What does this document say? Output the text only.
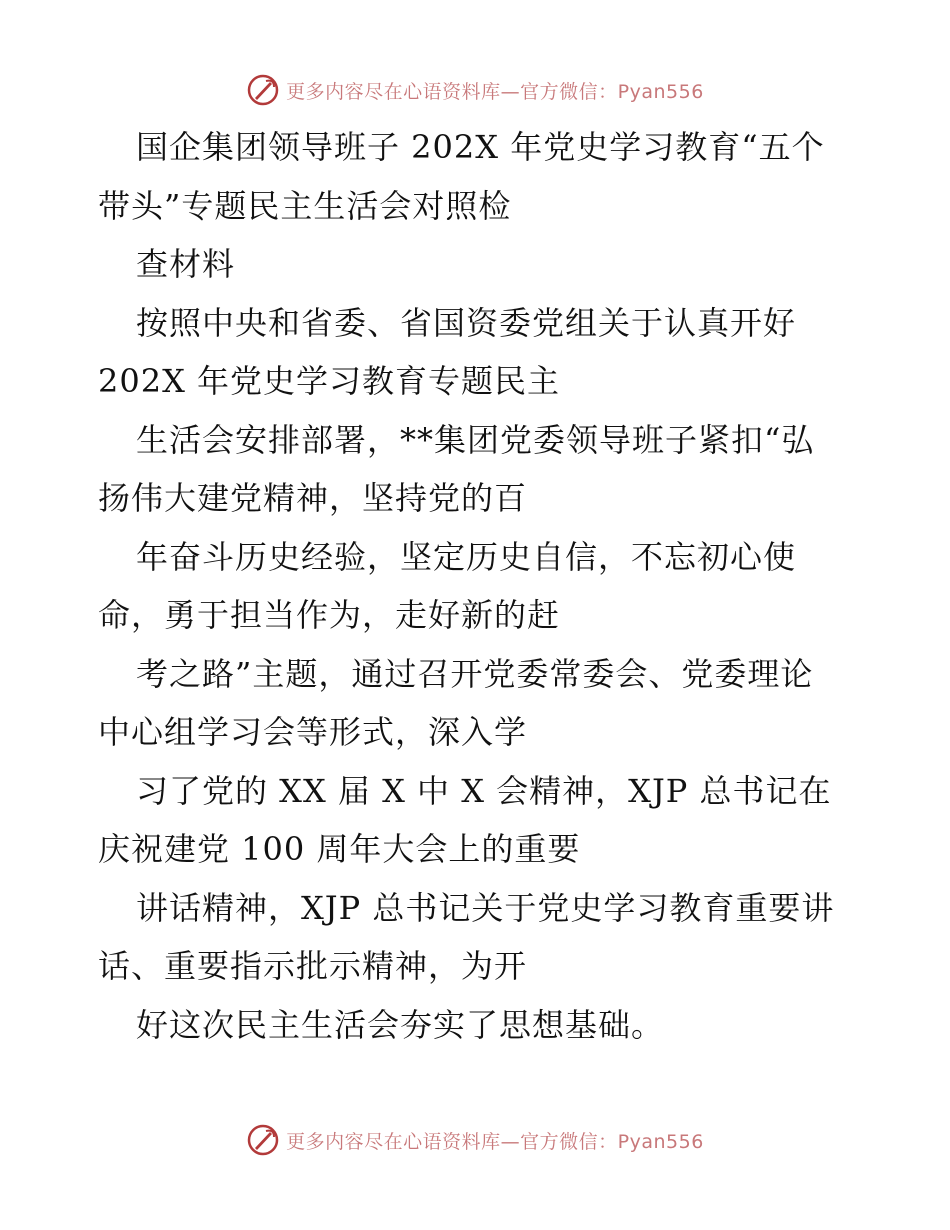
更多内容尽在心语资料库—官方微信：Pyan556
国企集团领导班子 202X 年党史学习教育“五个
带头”专题民主生活会对照检
查材料
按照中央和省委、省国资委党组关于认真开好
202X 年党史学习教育专题民主
生活会安排部署，**集团党委领导班子紧扣“弘
扬伟大建党精神，坚持党的百
年奋斗历史经验，坚定历史自信，不忘初心使
命，勇于担当作为，走好新的赶
考之路”主题，通过召开党委常委会、党委理论
中心组学习会等形式，深入学
习了党的 XX 届 X 中 X 会精神，XJP 总书记在
庆祝建党 100 周年大会上的重要
讲话精神，XJP 总书记关于党史学习教育重要讲
话、重要指示批示精神，为开
好这次民主生活会夯实了思想基础。
更多内容尽在心语资料库—官方微信：Pyan556
